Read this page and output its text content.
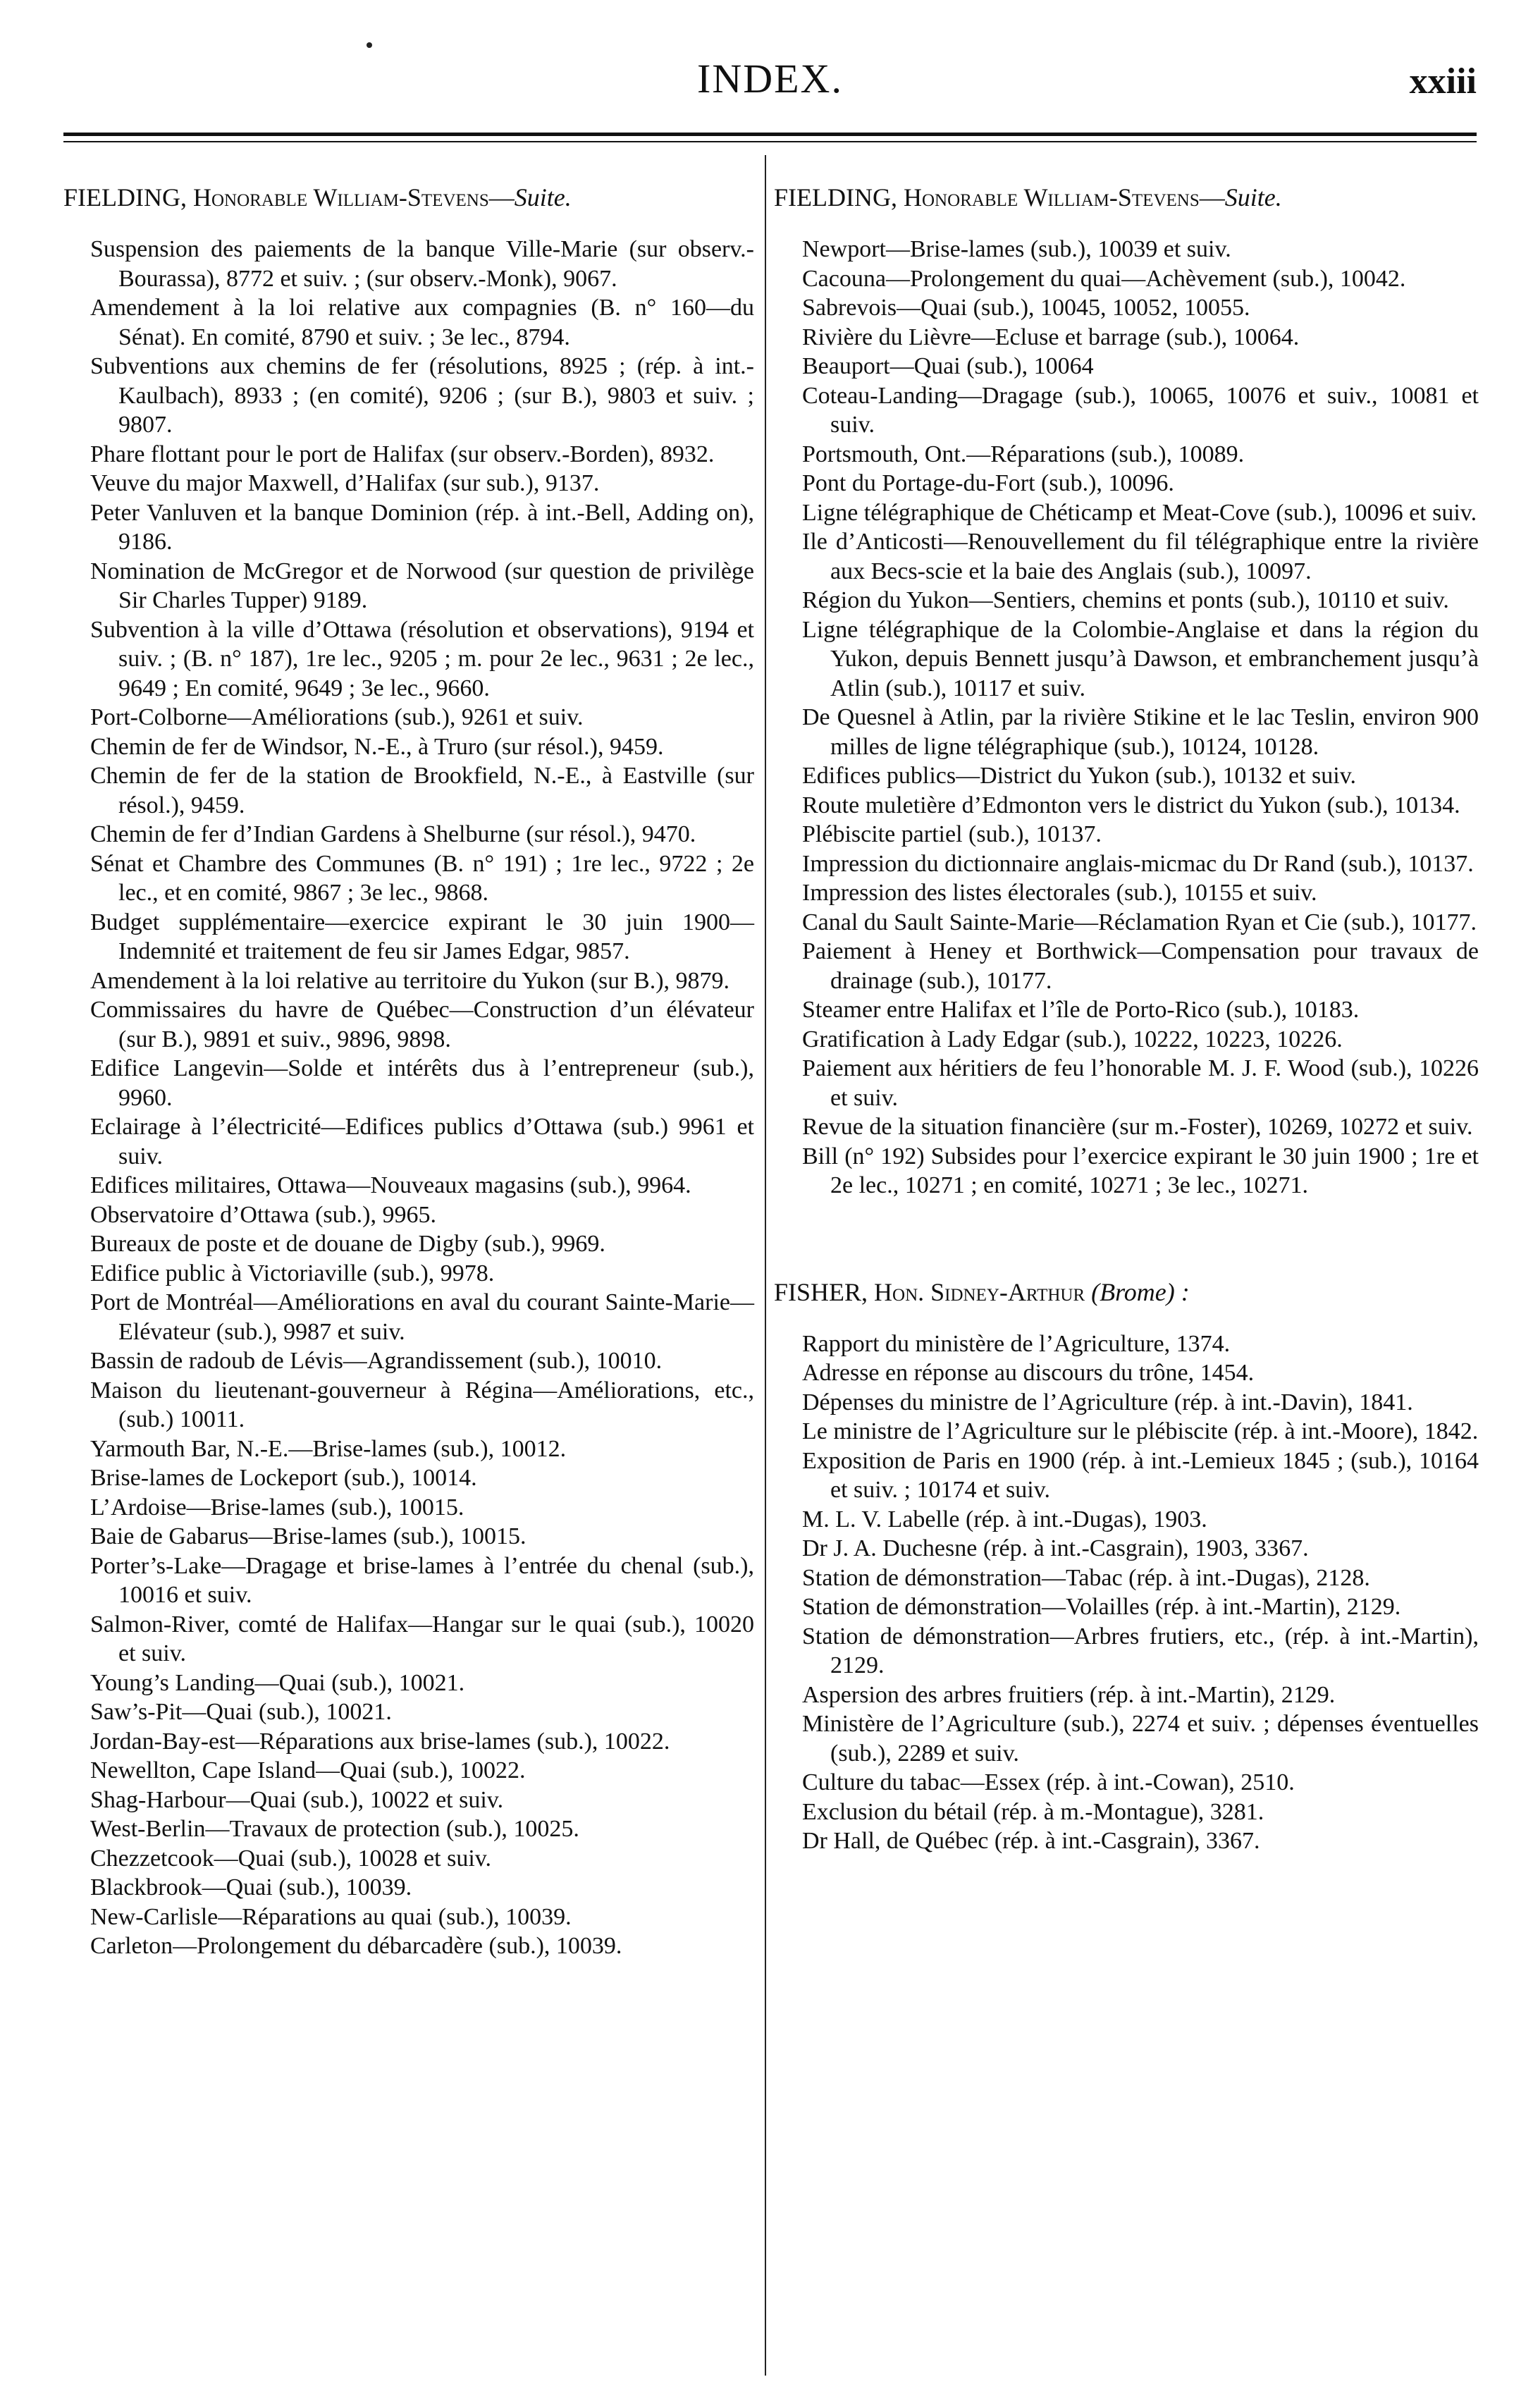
INDEX.	xxiii
FIELDING, Honorable William-Stevens—Suite.
Suspension des paiements de la banque Ville-Marie (sur observ.-Bourassa), 8772 et suiv. ; (sur observ.-Monk), 9067.
Amendement à la loi relative aux compagnies (B. n° 160—du Sénat). En comité, 8790 et suiv. ; 3e lec., 8794.
Subventions aux chemins de fer (résolutions, 8925 ; (rép. à int.-Kaulbach), 8933 ; (en comité), 9206 ; (sur B.), 9803 et suiv. ; 9807.
Phare flottant pour le port de Halifax (sur observ.-Borden), 8932.
Veuve du major Maxwell, d’Halifax (sur sub.), 9137.
Peter Vanluven et la banque Dominion (rép. à int.-Bell, Adding on), 9186.
Nomination de McGregor et de Norwood (sur question de privilège Sir Charles Tupper) 9189.
Subvention à la ville d’Ottawa (résolution et observations), 9194 et suiv. ; (B. n° 187), 1re lec., 9205 ; m. pour 2e lec., 9631 ; 2e lec., 9649 ; En comité, 9649 ; 3e lec., 9660.
Port-Colborne—Améliorations (sub.), 9261 et suiv.
Chemin de fer de Windsor, N.-E., à Truro (sur résol.), 9459.
Chemin de fer de la station de Brookfield, N.-E., à Eastville (sur résol.), 9459.
Chemin de fer d’Indian Gardens à Shelburne (sur résol.), 9470.
Sénat et Chambre des Communes (B. n° 191) ; 1re lec., 9722 ; 2e lec., et en comité, 9867 ; 3e lec., 9868.
Budget supplémentaire—exercice expirant le 30 juin 1900—Indemnité et traitement de feu sir James Edgar, 9857.
Amendement à la loi relative au territoire du Yukon (sur B.), 9879.
Commissaires du havre de Québec—Construction d’un élévateur (sur B.), 9891 et suiv., 9896, 9898.
Edifice Langevin—Solde et intérêts dus à l’entrepreneur (sub.), 9960.
Eclairage à l’électricité—Edifices publics d’Ottawa (sub.) 9961 et suiv.
Edifices militaires, Ottawa—Nouveaux magasins (sub.), 9964.
Observatoire d’Ottawa (sub.), 9965.
Bureaux de poste et de douane de Digby (sub.), 9969.
Edifice public à Victoriaville (sub.), 9978.
Port de Montréal—Améliorations en aval du courant Sainte-Marie—Elévateur (sub.), 9987 et suiv.
Bassin de radoub de Lévis—Agrandissement (sub.), 10010.
Maison du lieutenant-gouverneur à Régina—Améliorations, etc., (sub.) 10011.
Yarmouth Bar, N.-E.—Brise-lames (sub.), 10012.
Brise-lames de Lockeport (sub.), 10014.
L’Ardoise—Brise-lames (sub.), 10015.
Baie de Gabarus—Brise-lames (sub.), 10015.
Porter’s-Lake—Dragage et brise-lames à l’entrée du chenal (sub.), 10016 et suiv.
Salmon-River, comté de Halifax—Hangar sur le quai (sub.), 10020 et suiv.
Young’s Landing—Quai (sub.), 10021.
Saw’s-Pit—Quai (sub.), 10021.
Jordan-Bay-est—Réparations aux brise-lames (sub.), 10022.
Newellton, Cape Island—Quai (sub.), 10022.
Shag-Harbour—Quai (sub.), 10022 et suiv.
West-Berlin—Travaux de protection (sub.), 10025.
Chezzetcook—Quai (sub.), 10028 et suiv.
Blackbrook—Quai (sub.), 10039.
New-Carlisle—Réparations au quai (sub.), 10039.
Carleton—Prolongement du débarcadère (sub.), 10039.
FIELDING, Honorable William-Stevens—Suite.
Newport—Brise-lames (sub.), 10039 et suiv.
Cacouna—Prolongement du quai—Achèvement (sub.), 10042.
Sabrevois—Quai (sub.), 10045, 10052, 10055.
Rivière du Lièvre—Ecluse et barrage (sub.), 10064.
Beauport—Quai (sub.), 10064
Coteau-Landing—Dragage (sub.), 10065, 10076 et suiv., 10081 et suiv.
Portsmouth, Ont.—Réparations (sub.), 10089.
Pont du Portage-du-Fort (sub.), 10096.
Ligne télégraphique de Chéticamp et Meat-Cove (sub.), 10096 et suiv.
Ile d’Anticosti—Renouvellement du fil télégraphique entre la rivière aux Becs-scie et la baie des Anglais (sub.), 10097.
Région du Yukon—Sentiers, chemins et ponts (sub.), 10110 et suiv.
Ligne télégraphique de la Colombie-Anglaise et dans la région du Yukon, depuis Bennett jusqu’à Dawson, et embranchement jusqu’à Atlin (sub.), 10117 et suiv.
De Quesnel à Atlin, par la rivière Stikine et le lac Teslin, environ 900 milles de ligne télégraphique (sub.), 10124, 10128.
Edifices publics—District du Yukon (sub.), 10132 et suiv.
Route muletière d’Edmonton vers le district du Yukon (sub.), 10134.
Plébiscite partiel (sub.), 10137.
Impression du dictionnaire anglais-micmac du Dr Rand (sub.), 10137.
Impression des listes électorales (sub.), 10155 et suiv.
Canal du Sault Sainte-Marie—Réclamation Ryan et Cie (sub.), 10177.
Paiement à Heney et Borthwick—Compensation pour travaux de drainage (sub.), 10177.
Steamer entre Halifax et l’île de Porto-Rico (sub.), 10183.
Gratification à Lady Edgar (sub.), 10222, 10223, 10226.
Paiement aux héritiers de feu l’honorable M. J. F. Wood (sub.), 10226 et suiv.
Revue de la situation financière (sur m.-Foster), 10269, 10272 et suiv.
Bill (n° 192) Subsides pour l’exercice expirant le 30 juin 1900 ; 1re et 2e lec., 10271 ; en comité, 10271 ; 3e lec., 10271.
FISHER, Hon. Sidney-Arthur (Brome) :
Rapport du ministère de l’Agriculture, 1374.
Adresse en réponse au discours du trône, 1454.
Dépenses du ministre de l’Agriculture (rép. à int.-Davin), 1841.
Le ministre de l’Agriculture sur le plébiscite (rép. à int.-Moore), 1842.
Exposition de Paris en 1900 (rép. à int.-Lemieux 1845 ; (sub.), 10164 et suiv. ; 10174 et suiv.
M. L. V. Labelle (rép. à int.-Dugas), 1903.
Dr J. A. Duchesne (rép. à int.-Casgrain), 1903, 3367.
Station de démonstration—Tabac (rép. à int.-Dugas), 2128.
Station de démonstration—Volailles (rép. à int.-Martin), 2129.
Station de démonstration—Arbres frutiers, etc., (rép. à int.-Martin), 2129.
Aspersion des arbres fruitiers (rép. à int.-Martin), 2129.
Ministère de l’Agriculture (sub.), 2274 et suiv. ; dépenses éventuelles (sub.), 2289 et suiv.
Culture du tabac—Essex (rép. à int.-Cowan), 2510.
Exclusion du bétail (rép. à m.-Montague), 3281.
Dr Hall, de Québec (rép. à int.-Casgrain), 3367.
